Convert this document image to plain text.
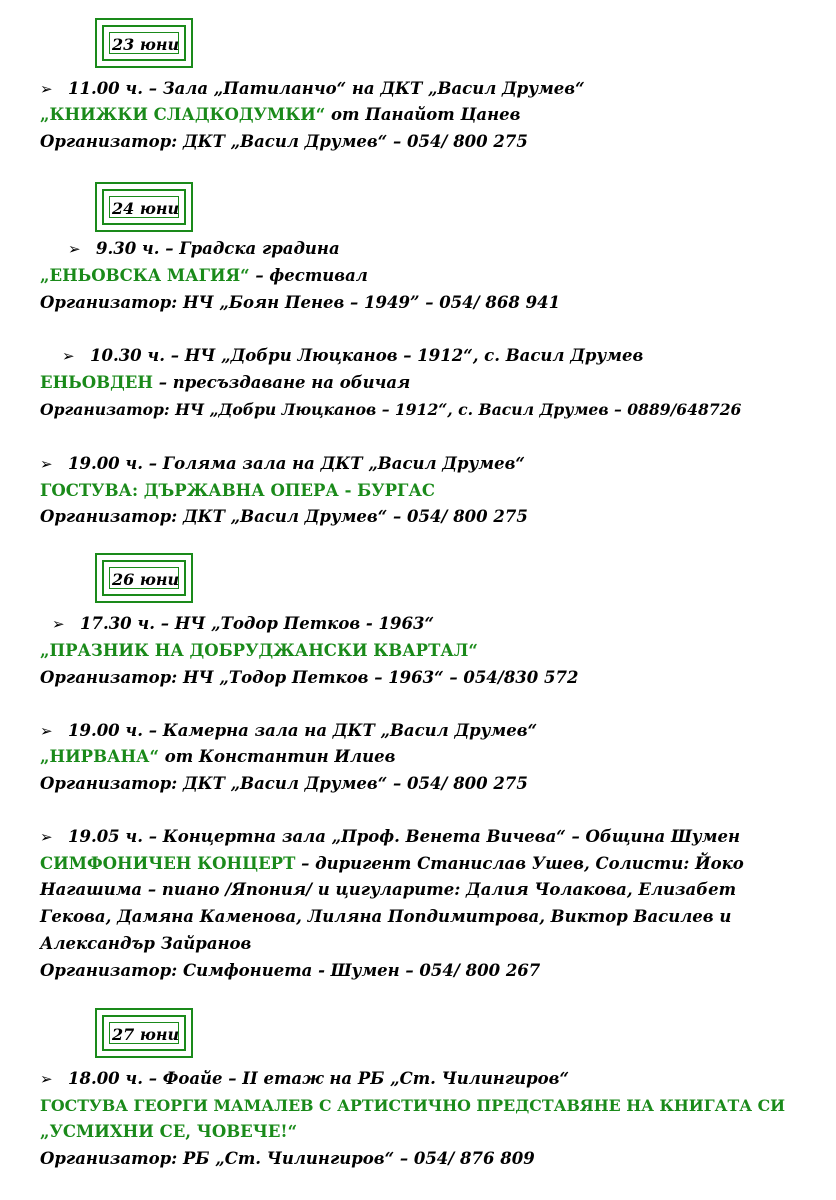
23 юни
➢ 11.00 ч. – Зала „Патиланчо“ на ДКТ „Васил Друмев“
„КНИЖКИ СЛАДКОДУМКИ“ от Панайот Цанев
Организатор: ДКТ „Васил Друмев“ – 054/ 800 275
24 юни
➢ 9.30 ч. – Градска градина
„ЕНЬОВСКА МАГИЯ“ – фестивал
Организатор: НЧ „Боян Пенев – 1949” – 054/ 868 941
➢ 10.30 ч. – НЧ „Добри Люцканов – 1912“, с. Васил Друмев
ЕНЬОВДЕН – пресъздаване на обичая
Организатор: НЧ „Добри Люцканов – 1912“, с. Васил Друмев – 0889/648726
➢ 19.00 ч. – Голяма зала на ДКТ „Васил Друмев“
ГОСТУВА: ДЪРЖАВНА ОПЕРА - БУРГАС
Организатор: ДКТ „Васил Друмев“ – 054/ 800 275
26 юни
➢ 17.30 ч. – НЧ „Тодор Петков - 1963“
„ПРАЗНИК НА ДОБРУДЖАНСКИ КВАРТАЛ“
Организатор: НЧ „Тодор Петков – 1963“ – 054/830 572
➢ 19.00 ч. – Камерна зала на ДКТ „Васил Друмев“
„НИРВАНА“ от Константин Илиев
Организатор: ДКТ „Васил Друмев“ – 054/ 800 275
➢ 19.05 ч. – Концертна зала „Проф. Венета Вичева“ – Община Шумен
СИМФОНИЧЕН КОНЦЕРТ – диригент Станислав Ушев, Солисти: Йоко
Нагашима – пиано /Япония/ и цигуларите: Далия Чолакова, Елизабет
Гекова, Дамяна Каменова, Лиляна Попдимитрова, Виктор Василев и
Александър Зайранов
Организатор: Симфониета - Шумен – 054/ 800 267
27 юни
➢ 18.00 ч. – Фоайе – II етаж на РБ „Ст. Чилингиров“
ГОСТУВА ГЕОРГИ МАМАЛЕВ С АРТИСТИЧНО ПРЕДСТАВЯНЕ НА КНИГАТА СИ
„УСМИХНИ СЕ, ЧОВЕЧЕ!“
Организатор: РБ „Ст. Чилингиров“ – 054/ 876 809
